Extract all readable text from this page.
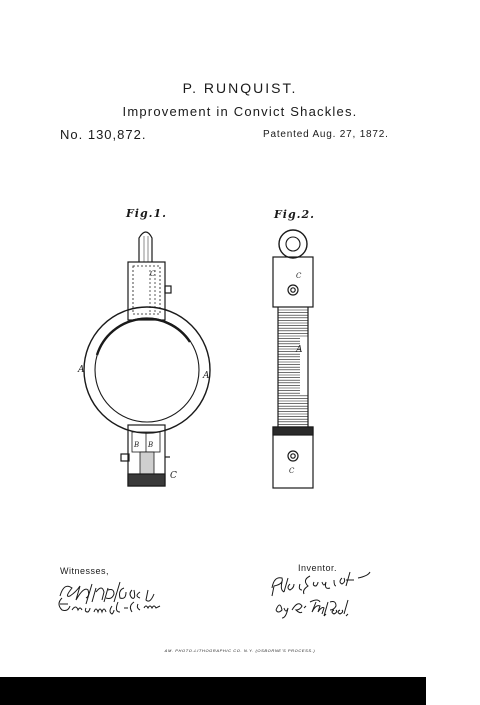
P. RUNQUIST.
Improvement in Convict Shackles.
No. 130,872.	Patented Aug. 27, 1872.
Fig.1.	Fig.2.
C
A
A
B B
C
C
A
C
Witnesses,	Inventor.
AM. PHOTO-LITHOGRAPHIC CO. N.Y. (OSBORNE'S PROCESS.)
